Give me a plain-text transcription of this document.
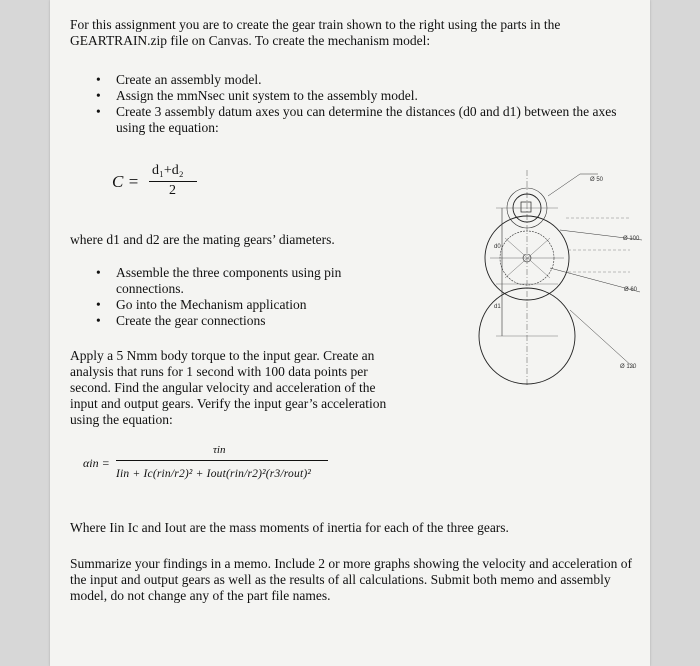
For this assignment you are to create the gear train shown to the right using the parts in the GEARTRAIN.zip file on Canvas. To create the mechanism model:
• Create an assembly model.
• Assign the mmNsec unit system to the assembly model.
• Create 3 assembly datum axes you can determine the distances (d0 and d1) between the axes using the equation:
C =
d₁+d₂
2
where d1 and d2 are the mating gears’ diameters.
• Assemble the three components using pin connections.
• Go into the Mechanism application
• Create the gear connections
Apply a 5 Nmm body torque to the input gear. Create an analysis that runs for 1 second with 100 data points per second. Find the angular velocity and acceleration of the input and output gears. Verify the input gear’s acceleration using the equation:
αin =
τin
Iin + Ic(rin/r2)² + Iout(rin/r2)²(r3/rout)²
Where Iin Ic and Iout are the mass moments of inertia for each of the three gears.
Summarize your findings in a memo. Include 2 or more graphs showing the velocity and acceleration of the input and output gears as well as the results of all calculations. Submit both memo and assembly model, do not change any of the part file names.
Ø 50
Ø 100
Ø 60
Ø 120
d0
d1
